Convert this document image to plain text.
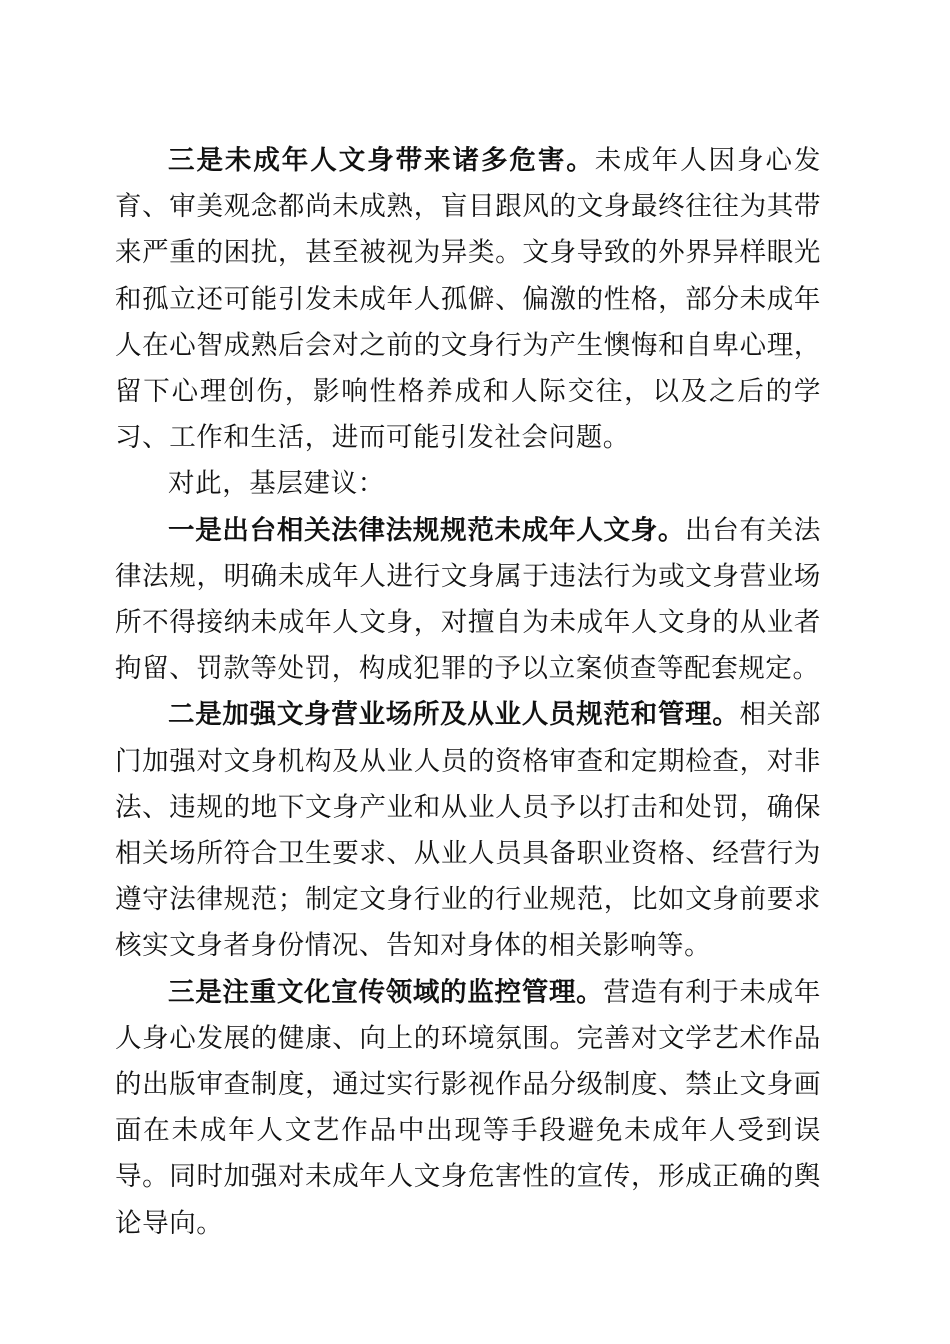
三是未成年人文身带来诸多危害。未成年人因身心发育、审美观念都尚未成熟，盲目跟风的文身最终往往为其带来严重的困扰，甚至被视为异类。文身导致的外界异样眼光和孤立还可能引发未成年人孤僻、偏激的性格，部分未成年人在心智成熟后会对之前的文身行为产生懊悔和自卑心理，留下心理创伤，影响性格养成和人际交往，以及之后的学习、工作和生活，进而可能引发社会问题。

对此，基层建议：

一是出台相关法律法规规范未成年人文身。出台有关法律法规，明确未成年人进行文身属于违法行为或文身营业场所不得接纳未成年人文身，对擅自为未成年人文身的从业者拘留、罚款等处罚，构成犯罪的予以立案侦查等配套规定。

二是加强文身营业场所及从业人员规范和管理。相关部门加强对文身机构及从业人员的资格审查和定期检查，对非法、违规的地下文身产业和从业人员予以打击和处罚，确保相关场所符合卫生要求、从业人员具备职业资格、经营行为遵守法律规范；制定文身行业的行业规范，比如文身前要求核实文身者身份情况、告知对身体的相关影响等。

三是注重文化宣传领域的监控管理。营造有利于未成年人身心发展的健康、向上的环境氛围。完善对文学艺术作品的出版审查制度，通过实行影视作品分级制度、禁止文身画面在未成年人文艺作品中出现等手段避免未成年人受到误导。同时加强对未成年人文身危害性的宣传，形成正确的舆论导向。
